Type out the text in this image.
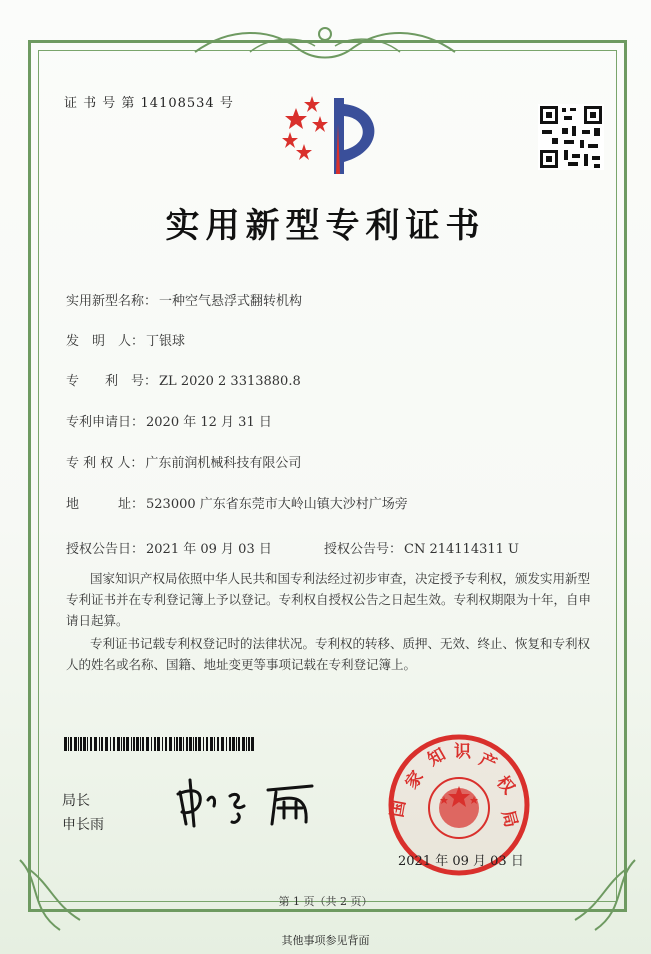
证 书 号 第 14108534 号
实用新型专利证书
实用新型名称： 一种空气悬浮式翻转机构
发　明　人： 丁银球
专　　利　号： ZL 2020 2 3313880.8
专利申请日： 2020 年 12 月 31 日
专 利 权 人： 广东前润机械科技有限公司
地　　　址： 523000 广东省东莞市大岭山镇大沙村广场旁
授权公告日： 2021 年 09 月 03 日	授权公告号： CN 214114311 U
国家知识产权局依照中华人民共和国专利法经过初步审查，决定授予专利权，颁发实用新型专利证书并在专利登记簿上予以登记。专利权自授权公告之日起生效。专利权期限为十年，自申请日起算。
专利证书记载专利权登记时的法律状况。专利权的转移、质押、无效、终止、恢复和专利权人的姓名或名称、国籍、地址变更等事项记载在专利登记簿上。
局长
申长雨
家
知 识 产
权
局
国
2021 年 09 月 03 日
第 1 页（共 2 页）
其他事项参见背面
